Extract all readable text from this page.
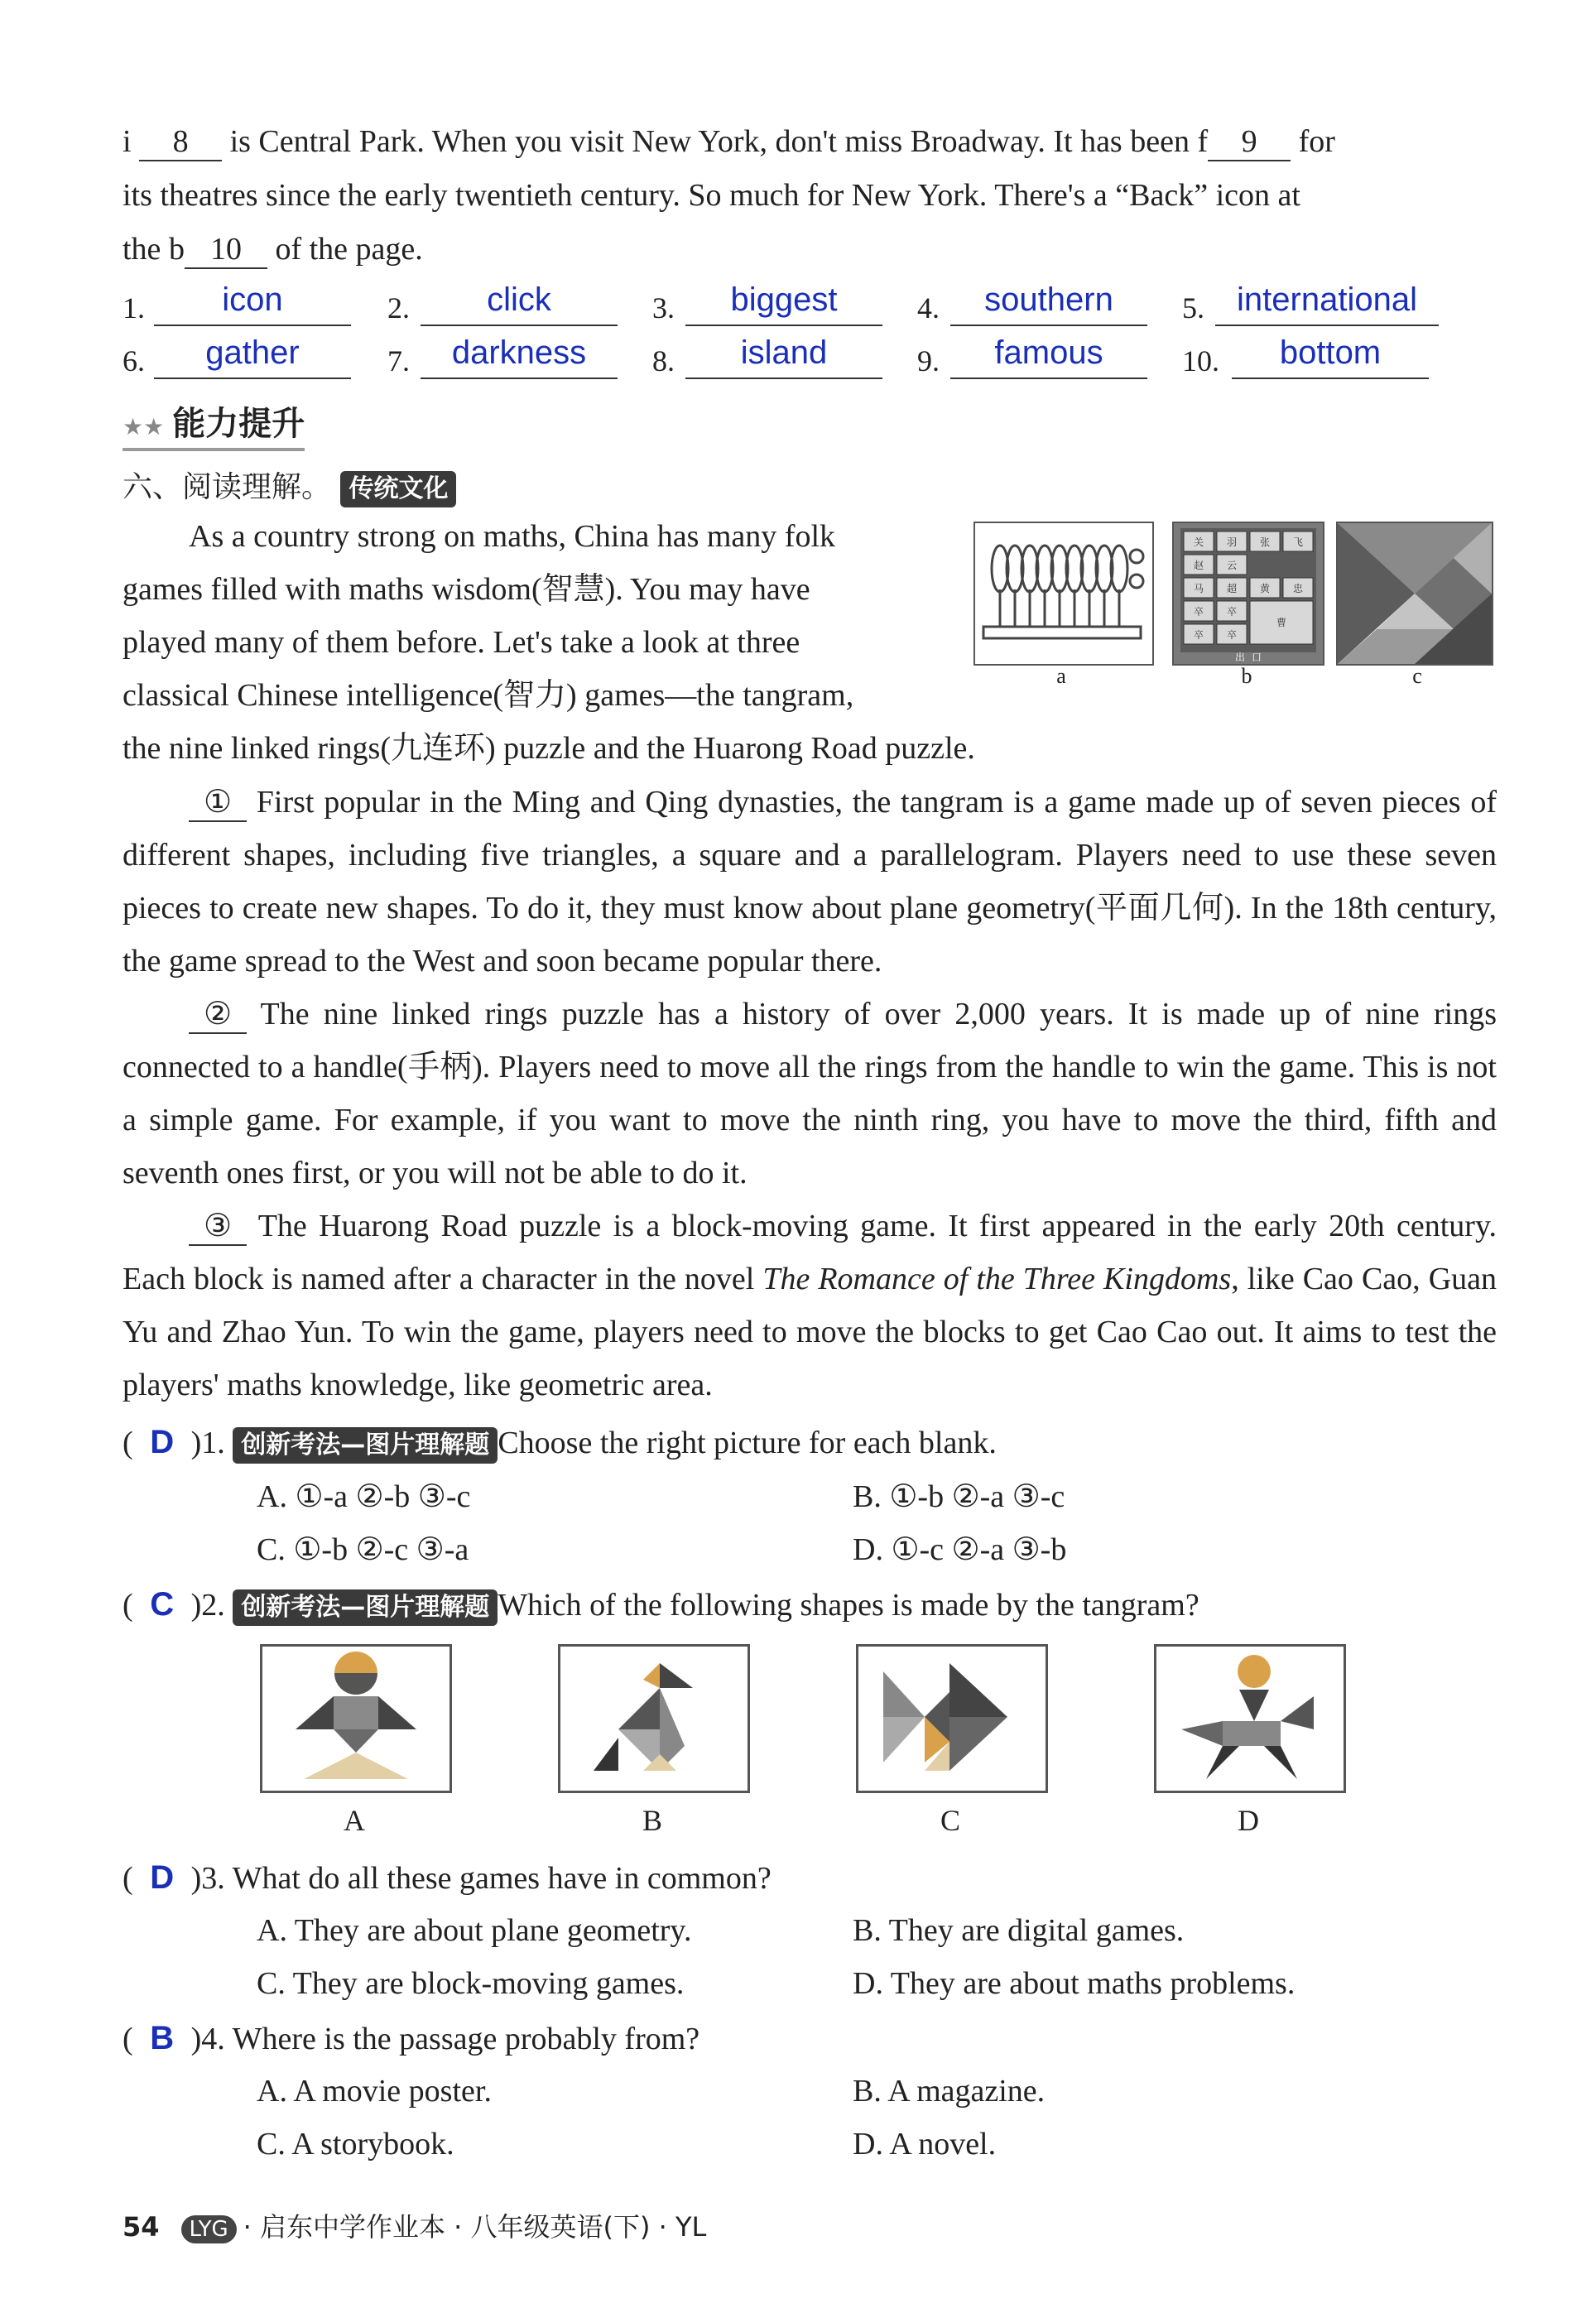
i 8 is Central Park. When you visit New York, don't miss Broadway. It has been f 9 for
its theatres since the early twentieth century. So much for New York. There's a “Back” icon at
the b 10 of the page.
1.	icon	2.	click	3.	biggest	4.	southern	5. international
6.	gather	7.	darkness	8.	island	9.	famous	10.	bottom
★★ 能力提升
六、阅读理解。 传统文化
As a country strong on maths, China has many folk
games filled with maths wisdom(智慧). You may have
played many of them before. Let's take a look at three
classical Chinese intelligence(智力) games—the tangram,
the nine linked rings(九连环) puzzle and the Huarong Road puzzle.
a
关 羽 张 飞
赵 云
马 超 黄 忠
卒 卒
曹
卒 卒
出 口
b	c
① First popular in the Ming and Qing dynasties, the tangram is a game made up of seven pieces of different shapes, including five triangles, a square and a parallelogram. Players need to use these seven pieces to create new shapes. To do it, they must know about plane geometry(平面几何). In the 18th century, the game spread to the West and soon became popular there.
② The nine linked rings puzzle has a history of over 2,000 years. It is made up of nine rings connected to a handle(手柄). Players need to move all the rings from the handle to win the game. This is not a simple game. For example, if you want to move the ninth ring, you have to move the third, fifth and seventh ones first, or you will not be able to do it.
③ The Huarong Road puzzle is a block-moving game. It first appeared in the early 20th century. Each block is named after a character in the novel The Romance of the Three Kingdoms, like Cao Cao, Guan Yu and Zhao Yun. To win the game, players need to move the blocks to get Cao Cao out. It aims to test the players' maths knowledge, like geometric area.
( D )1. 创新考法—图片理解题 Choose the right picture for each blank.
A. ①-a ②-b ③-c	B. ①-b ②-a ③-c
C. ①-b ②-c ③-a	D. ①-c ②-a ③-b
( C )2. 创新考法—图片理解题 Which of the following shapes is made by the tangram?
A	B	C	D
( D )3. What do all these games have in common?
A. They are about plane geometry.	B. They are digital games.
C. They are block-moving games.	D. They are about maths problems.
( B )4. Where is the passage probably from?
A. A movie poster.	B. A magazine.
C. A storybook.	D. A novel.
54 LYG · 启东中学作业本 · 八年级英语(下) · YL
